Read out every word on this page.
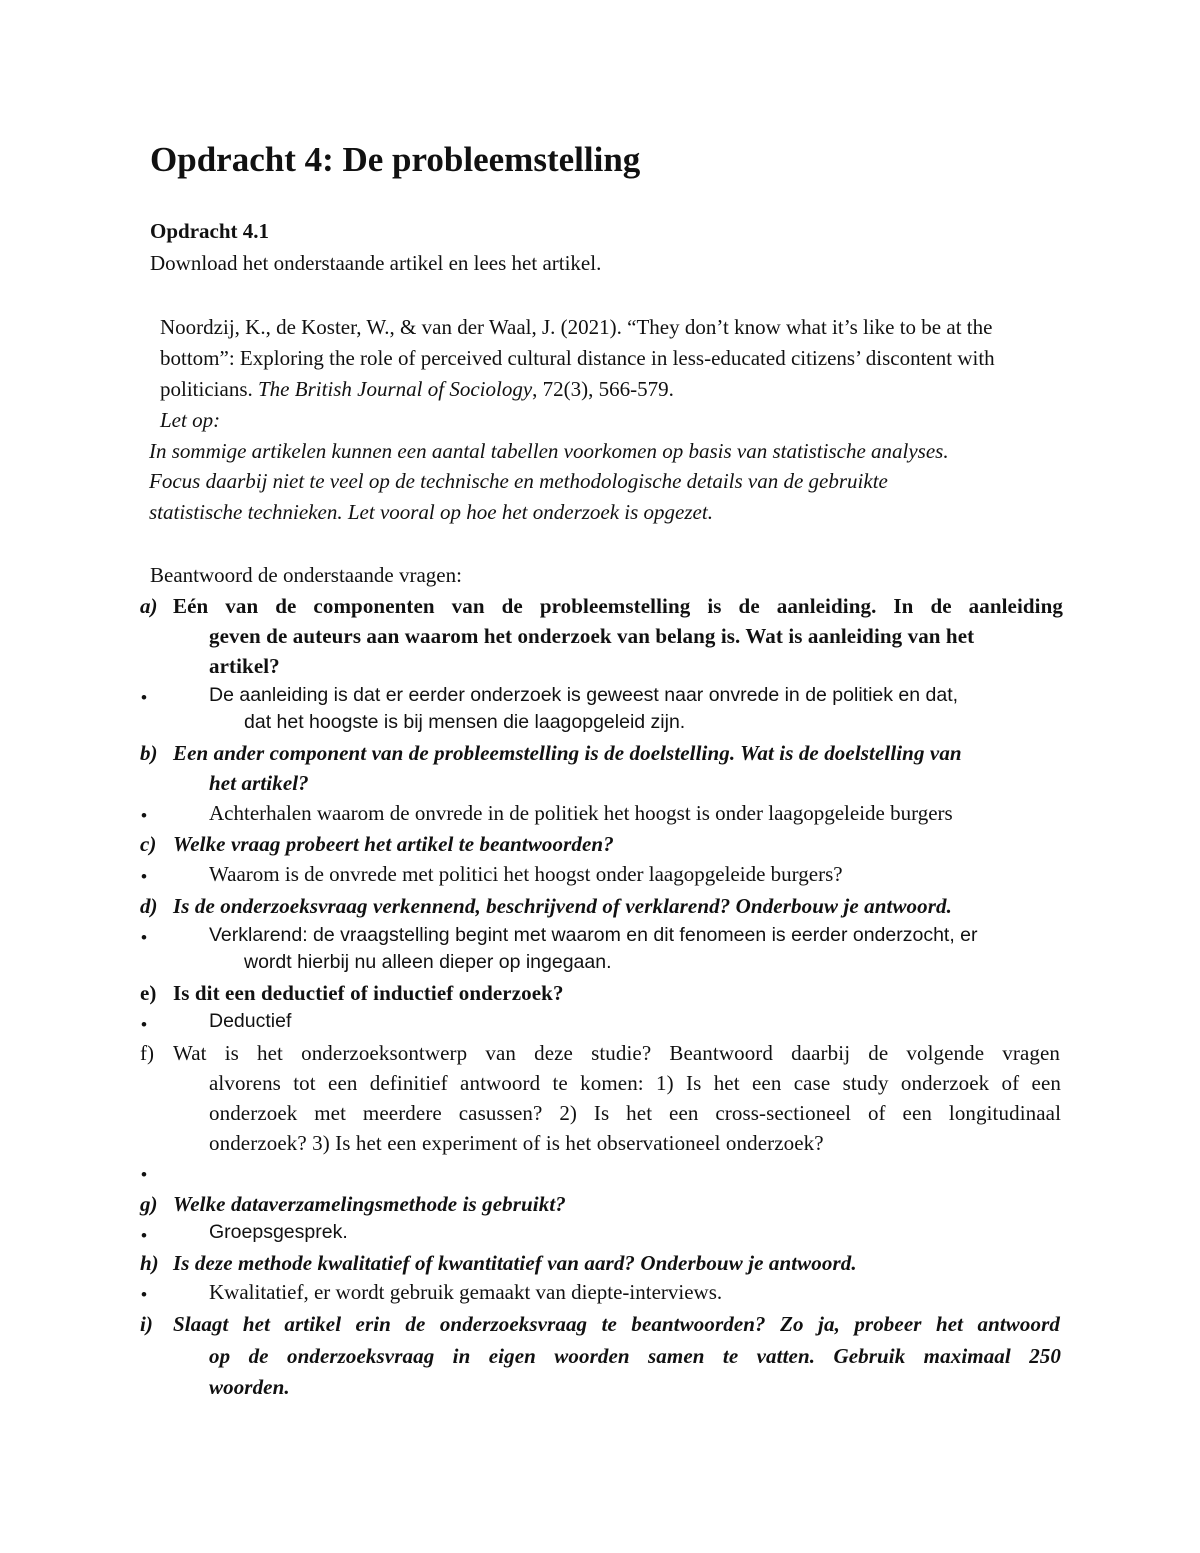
Opdracht 4: De probleemstelling
Opdracht 4.1
Download het onderstaande artikel en lees het artikel.
Noordzij, K., de Koster, W., & van der Waal, J. (2021). “They don’t know what it’s like to be at the
bottom”: Exploring the role of perceived cultural distance in less-educated citizens’ discontent with
politicians. The British Journal of Sociology, 72(3), 566-579.
Let op:
In sommige artikelen kunnen een aantal tabellen voorkomen op basis van statistische analyses.
Focus daarbij niet te veel op de technische en methodologische details van de gebruikte
statistische technieken. Let vooral op hoe het onderzoek is opgezet.
Beantwoord de onderstaande vragen:
a) Eén van de componenten van de probleemstelling is de aanleiding. In de aanleiding
geven de auteurs aan waarom het onderzoek van belang is. Wat is aanleiding van het
artikel?
•	De aanleiding is dat er eerder onderzoek is geweest naar onvrede in de politiek en dat,
dat het hoogste is bij mensen die laagopgeleid zijn.
b) Een ander component van de probleemstelling is de doelstelling. Wat is de doelstelling van
het artikel?
•	Achterhalen waarom de onvrede in de politiek het hoogst is onder laagopgeleide burgers
c) Welke vraag probeert het artikel te beantwoorden?
•	Waarom is de onvrede met politici het hoogst onder laagopgeleide burgers?
d) Is de onderzoeksvraag verkennend, beschrijvend of verklarend? Onderbouw je antwoord.
•	Verklarend: de vraagstelling begint met waarom en dit fenomeen is eerder onderzocht, er
wordt hierbij nu alleen dieper op ingegaan.
e) Is dit een deductief of inductief onderzoek?
•	Deductief
f) Wat is het onderzoeksontwerp van deze studie? Beantwoord daarbij de volgende vragen
alvorens tot een definitief antwoord te komen: 1) Is het een case study onderzoek of een
onderzoek met meerdere casussen? 2) Is het een cross-sectioneel of een longitudinaal
onderzoek? 3) Is het een experiment of is het observationeel onderzoek?
•
g) Welke dataverzamelingsmethode is gebruikt?
•	Groepsgesprek.
h) Is deze methode kwalitatief of kwantitatief van aard? Onderbouw je antwoord.
•	Kwalitatief, er wordt gebruik gemaakt van diepte-interviews.
i) Slaagt het artikel erin de onderzoeksvraag te beantwoorden? Zo ja, probeer het antwoord
op de onderzoeksvraag in eigen woorden samen te vatten. Gebruik maximaal 250
woorden.
